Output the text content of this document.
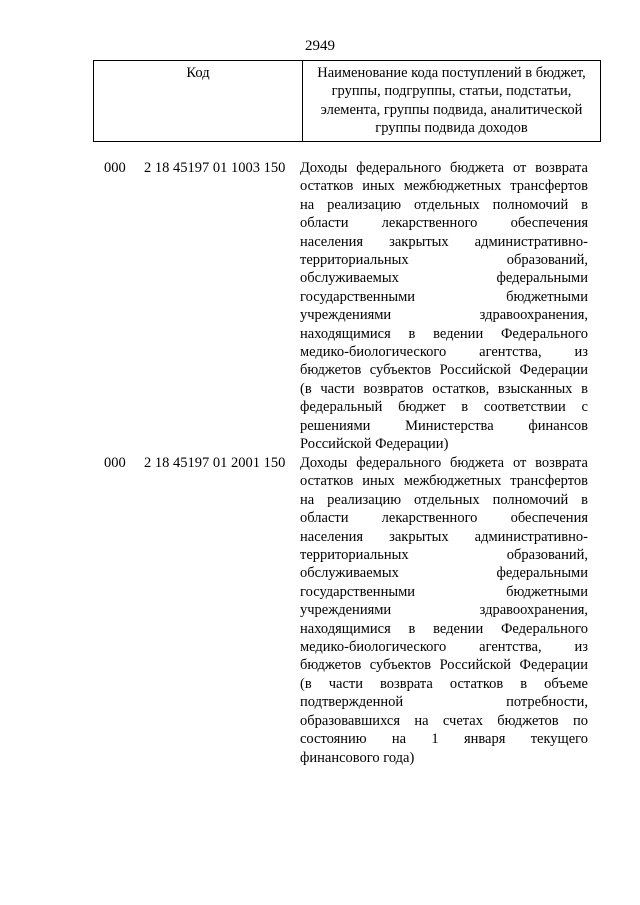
2949
Код	Наименование кода поступлений в бюджет,
группы, подгруппы, статьи, подстатьи,
элемента, группы подвида, аналитической
группы подвида доходов
000 2 18 45197 01 1003 150 Доходы федерального бюджета от возврата
остатков иных межбюджетных трансфертов
на реализацию отдельных полномочий в
области лекарственного обеспечения
населения закрытых административно-
территориальных образований,
обслуживаемых федеральными
государственными бюджетными
учреждениями здравоохранения,
находящимися в ведении Федерального
медико-биологического агентства, из
бюджетов субъектов Российской Федерации
(в части возвратов остатков, взысканных в
федеральный бюджет в соответствии с
решениями Министерства финансов
Российской Федерации)
000 2 18 45197 01 2001 150 Доходы федерального бюджета от возврата
остатков иных межбюджетных трансфертов
на реализацию отдельных полномочий в
области лекарственного обеспечения
населения закрытых административно-
территориальных образований,
обслуживаемых федеральными
государственными бюджетными
учреждениями здравоохранения,
находящимися в ведении Федерального
медико-биологического агентства, из
бюджетов субъектов Российской Федерации
(в части возврата остатков в объеме
подтвержденной потребности,
образовавшихся на счетах бюджетов по
состоянию на 1 января текущего
финансового года)
